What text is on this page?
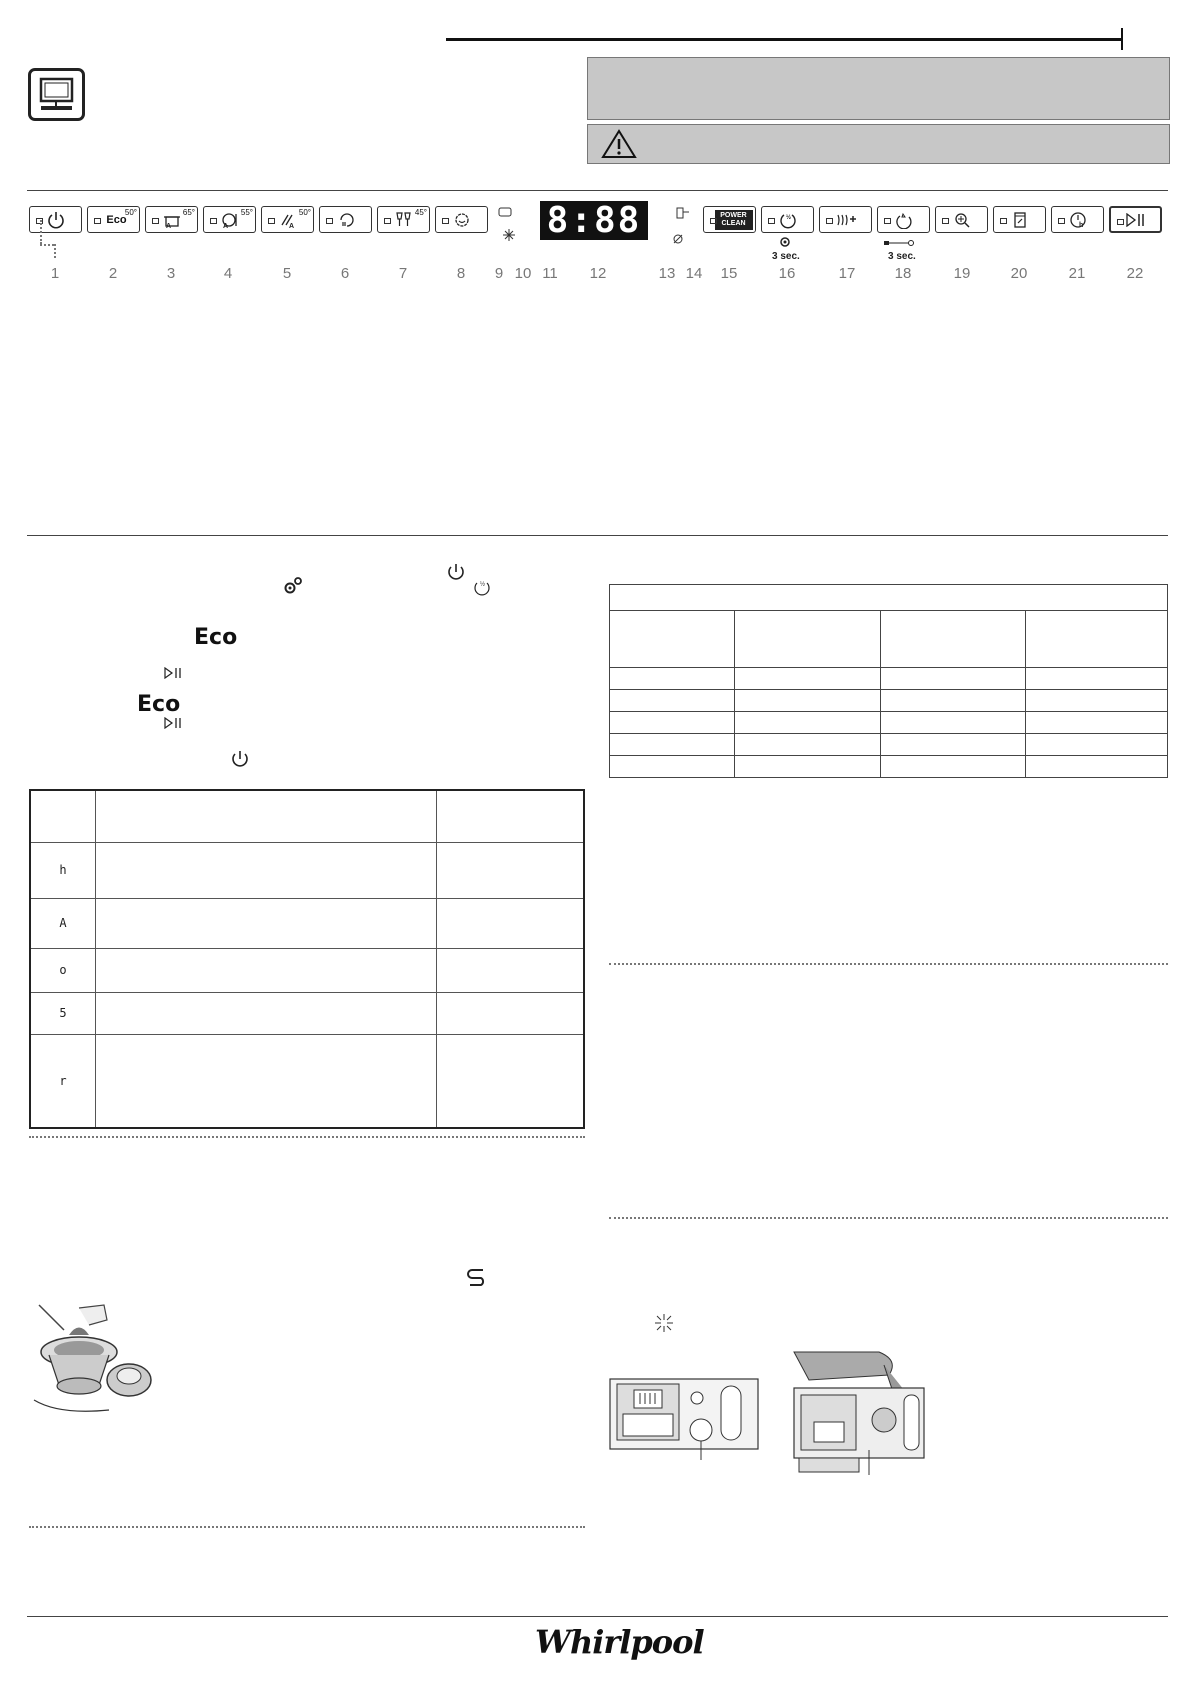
Eco
50°
A
65°
A
55°
A
50°	45°	8:88	POWER CLEAN
½
h
3 sec.	3 sec.
1	2	3	4	5	6	7	8	9 10 11	12	13 14	15	16	17	18	19	20	21	22
½
Eco
Eco

h		
A		
o		
5		
r		

Whirlpool
